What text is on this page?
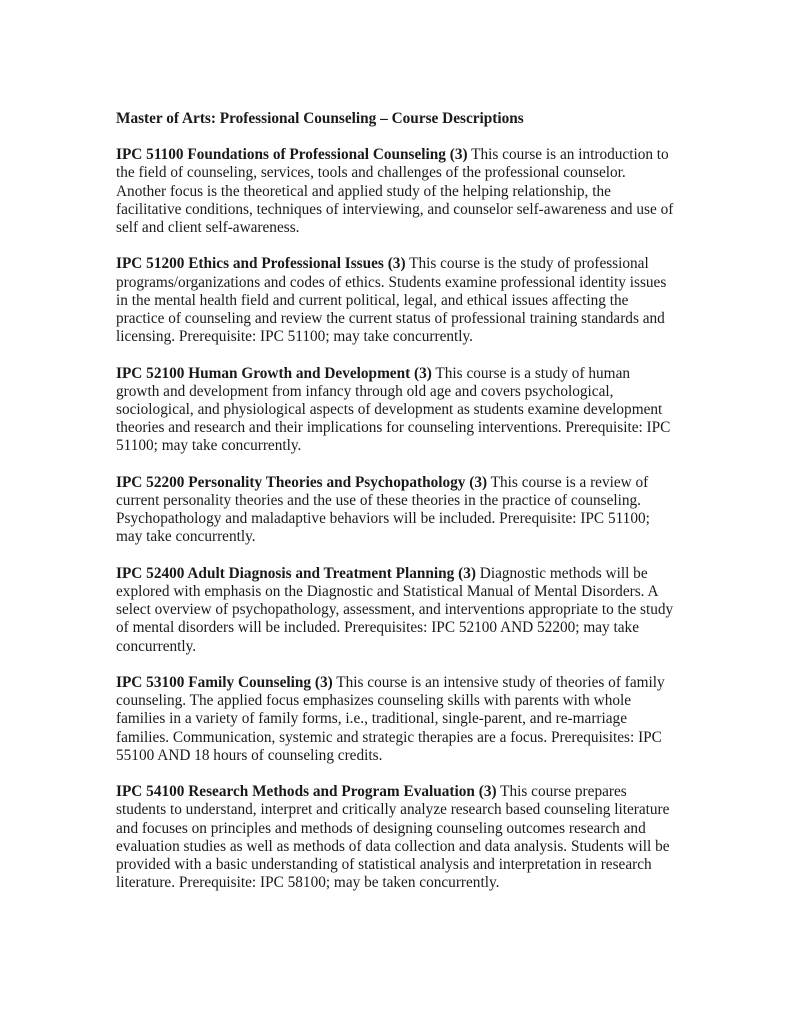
Master of Arts: Professional Counseling – Course Descriptions

IPC 51100 Foundations of Professional Counseling (3) This course is an introduction to the field of counseling, services, tools and challenges of the professional counselor. Another focus is the theoretical and applied study of the helping relationship, the facilitative conditions, techniques of interviewing, and counselor self-awareness and use of self and client self-awareness.

IPC 51200 Ethics and Professional Issues (3) This course is the study of professional programs/organizations and codes of ethics. Students examine professional identity issues in the mental health field and current political, legal, and ethical issues affecting the practice of counseling and review the current status of professional training standards and licensing. Prerequisite: IPC 51100; may take concurrently.

IPC 52100 Human Growth and Development (3) This course is a study of human growth and development from infancy through old age and covers psychological, sociological, and physiological aspects of development as students examine development theories and research and their implications for counseling interventions. Prerequisite: IPC 51100; may take concurrently.

IPC 52200 Personality Theories and Psychopathology (3) This course is a review of current personality theories and the use of these theories in the practice of counseling. Psychopathology and maladaptive behaviors will be included. Prerequisite: IPC 51100; may take concurrently.

IPC 52400 Adult Diagnosis and Treatment Planning (3) Diagnostic methods will be explored with emphasis on the Diagnostic and Statistical Manual of Mental Disorders. A select overview of psychopathology, assessment, and interventions appropriate to the study of mental disorders will be included. Prerequisites: IPC 52100 AND 52200; may take concurrently.

IPC 53100 Family Counseling (3) This course is an intensive study of theories of family counseling. The applied focus emphasizes counseling skills with parents with whole families in a variety of family forms, i.e., traditional, single-parent, and re-marriage families. Communication, systemic and strategic therapies are a focus. Prerequisites: IPC 55100 AND 18 hours of counseling credits.

IPC 54100 Research Methods and Program Evaluation (3) This course prepares students to understand, interpret and critically analyze research based counseling literature and focuses on principles and methods of designing counseling outcomes research and evaluation studies as well as methods of data collection and data analysis. Students will be provided with a basic understanding of statistical analysis and interpretation in research literature. Prerequisite: IPC 58100; may be taken concurrently.
